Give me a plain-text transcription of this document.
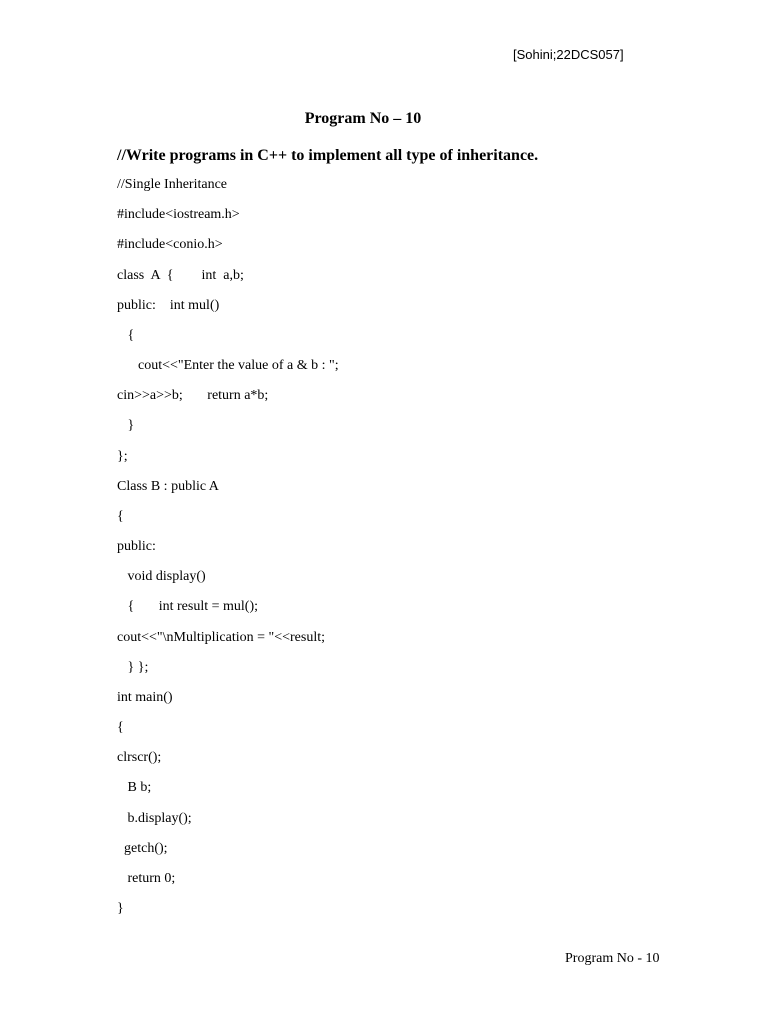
[Sohini;22DCS057]
Program No – 10
//Write programs in C++ to implement all type of inheritance.
//Single Inheritance
#include<iostream.h>
#include<conio.h>
class  A  {        int  a,b;
public:    int mul()
{
cout<<"Enter the value of a & b : ";
cin>>a>>b;       return a*b;
}
};
Class B : public A
{
public:
void display()
{       int result = mul();
cout<<"\nMultiplication = "<<result;
} };
int main()
{
clrscr();
B b;
b.display();
getch();
return 0;
}
Program No - 10
